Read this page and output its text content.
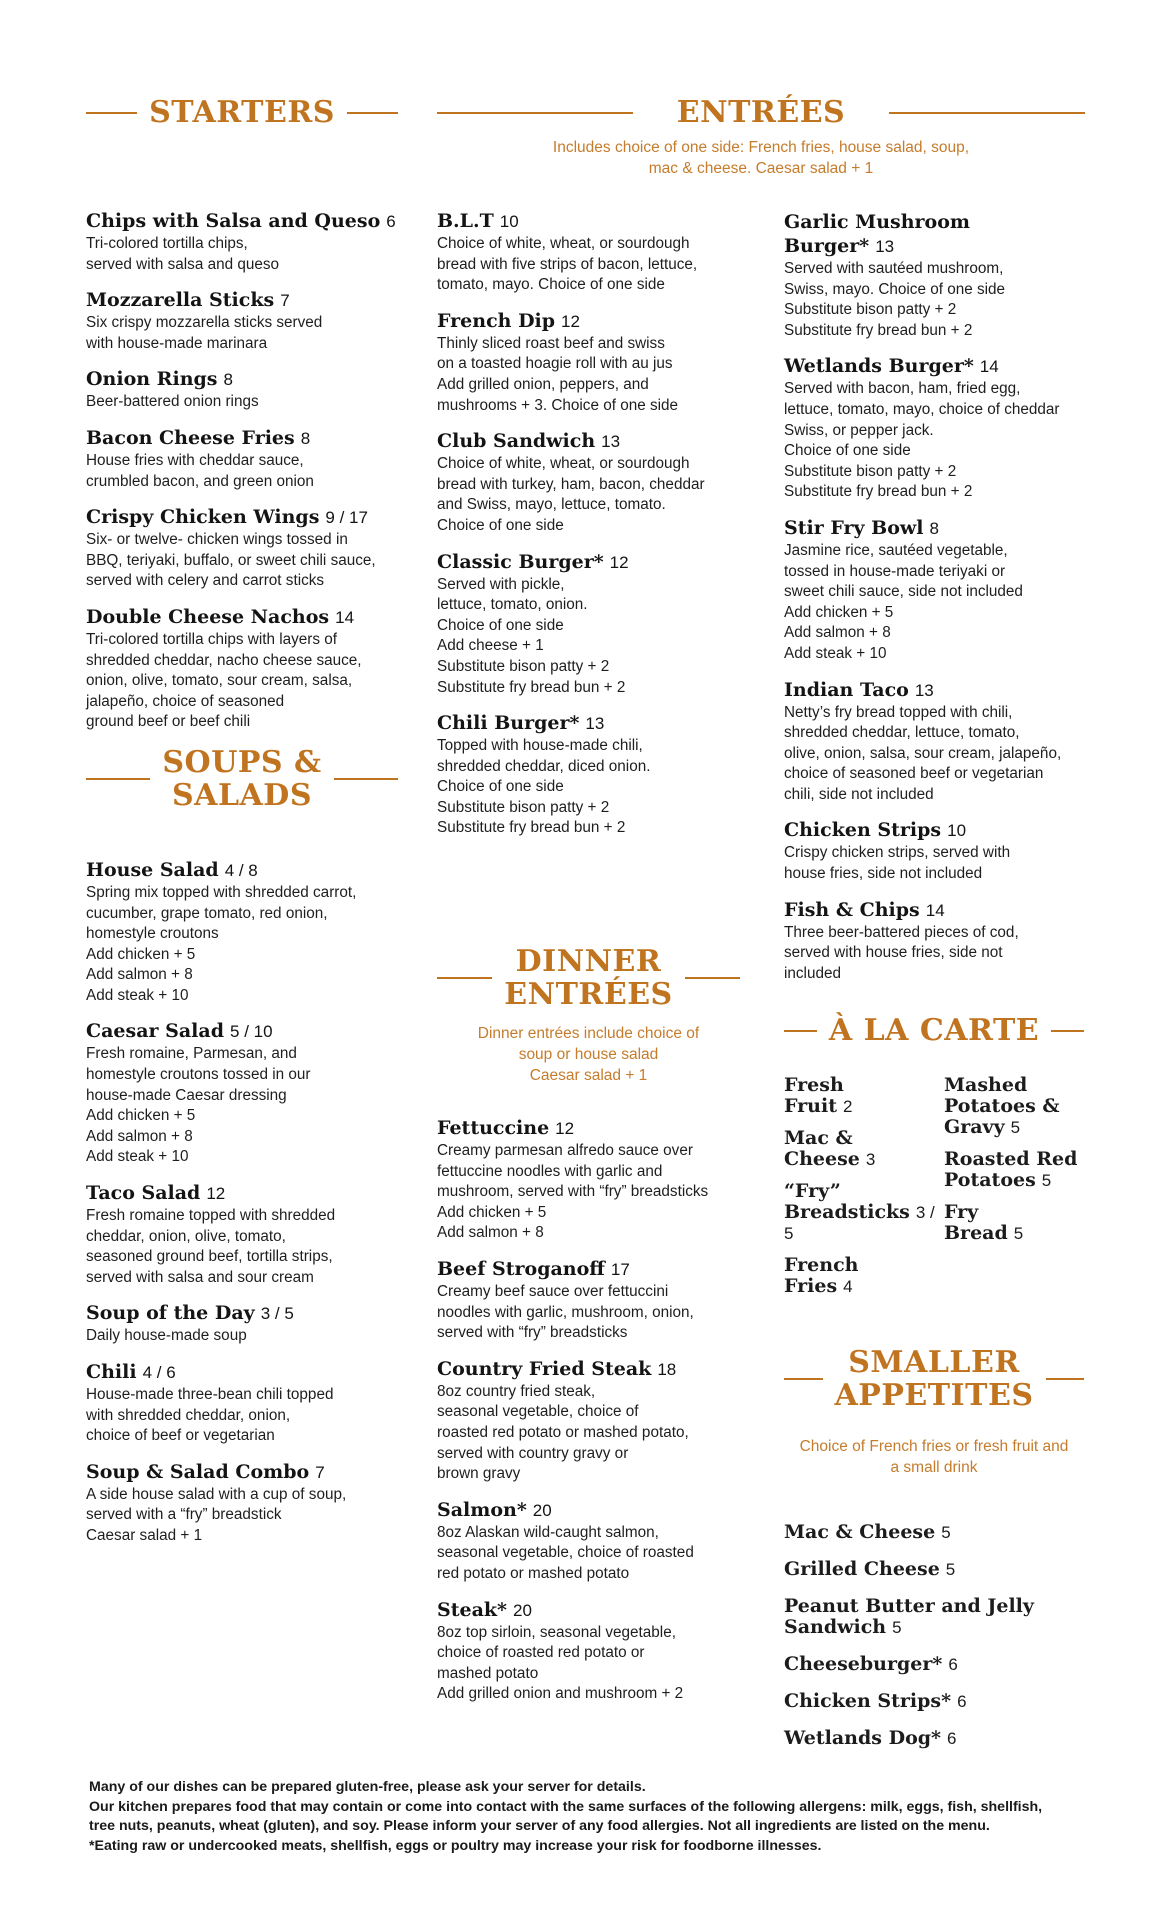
STARTERS
Chips with Salsa and Queso 6
Tri-colored tortilla chips,
served with salsa and queso
Mozzarella Sticks 7
Six crispy mozzarella sticks served
with house-made marinara
Onion Rings 8
Beer-battered onion rings
Bacon Cheese Fries 8
House fries with cheddar sauce,
crumbled bacon, and green onion
Crispy Chicken Wings 9 / 17
Six- or twelve- chicken wings tossed in
BBQ, teriyaki, buffalo, or sweet chili sauce,
served with celery and carrot sticks
Double Cheese Nachos 14
Tri-colored tortilla chips with layers of
shredded cheddar, nacho cheese sauce,
onion, olive, tomato, sour cream, salsa,
jalapeño, choice of seasoned
ground beef or beef chili
SOUPS &
SALADS
House Salad 4 / 8
Spring mix topped with shredded carrot,
cucumber, grape tomato, red onion,
homestyle croutons
Add chicken + 5
Add salmon + 8
Add steak + 10
Caesar Salad 5 / 10
Fresh romaine, Parmesan, and
homestyle croutons tossed in our
house-made Caesar dressing
Add chicken + 5
Add salmon + 8
Add steak + 10
Taco Salad 12
Fresh romaine topped with shredded
cheddar, onion, olive, tomato,
seasoned ground beef, tortilla strips,
served with salsa and sour cream
Soup of the Day 3 / 5
Daily house-made soup
Chili 4 / 6
House-made three-bean chili topped
with shredded cheddar, onion,
choice of beef or vegetarian
Soup & Salad Combo 7
A side house salad with a cup of soup,
served with a “fry” breadstick
Caesar salad + 1
ENTRÉES

Includes choice of one side: French fries, house salad, soup,
mac & cheese. Caesar salad + 1

B.L.T 10
Choice of white, wheat, or sourdough
bread with five strips of bacon, lettuce,
tomato, mayo. Choice of one side
French Dip 12
Thinly sliced roast beef and swiss
on a toasted hoagie roll with au jus
Add grilled onion, peppers, and
mushrooms + 3. Choice of one side
Club Sandwich 13
Choice of white, wheat, or sourdough
bread with turkey, ham, bacon, cheddar
and Swiss, mayo, lettuce, tomato.
Choice of one side
Classic Burger* 12
Served with pickle,
lettuce, tomato, onion.
Choice of one side
Add cheese + 1
Substitute bison patty + 2
Substitute fry bread bun + 2
Chili Burger* 13
Topped with house-made chili,
shredded cheddar, diced onion.
Choice of one side
Substitute bison patty + 2
Substitute fry bread bun + 2
DINNER
ENTRÉES

Dinner entrées include choice of
soup or house salad
Caesar salad + 1

Fettuccine 12
Creamy parmesan alfredo sauce over
fettuccine noodles with garlic and
mushroom, served with “fry” breadsticks
Add chicken + 5
Add salmon + 8
Beef Stroganoff 17
Creamy beef sauce over fettuccini
noodles with garlic, mushroom, onion,
served with “fry” breadsticks
Country Fried Steak 18
8oz country fried steak,
seasonal vegetable, choice of
roasted red potato or mashed potato,
served with country gravy or
brown gravy
Salmon* 20
8oz Alaskan wild-caught salmon,
seasonal vegetable, choice of roasted
red potato or mashed potato
Steak* 20
8oz top sirloin, seasonal vegetable,
choice of roasted red potato or
mashed potato
Add grilled onion and mushroom + 2
Garlic Mushroom Burger* 13
Served with sautéed mushroom,
Swiss, mayo. Choice of one side
Substitute bison patty + 2
Substitute fry bread bun + 2
Wetlands Burger* 14
Served with bacon, ham, fried egg,
lettuce, tomato, mayo, choice of cheddar
Swiss, or pepper jack.
Choice of one side
Substitute bison patty + 2
Substitute fry bread bun + 2
Stir Fry Bowl 8
Jasmine rice, sautéed vegetable,
tossed in house-made teriyaki or
sweet chili sauce, side not included
Add chicken + 5
Add salmon + 8
Add steak + 10
Indian Taco 13
Netty’s fry bread topped with chili,
shredded cheddar, lettuce, tomato,
olive, onion, salsa, sour cream, jalapeño,
choice of seasoned beef or vegetarian
chili, side not included
Chicken Strips 10
Crispy chicken strips, served with
house fries, side not included
Fish & Chips 14
Three beer-battered pieces of cod,
served with house fries, side not
included
À LA CARTE
Fresh
Fruit 2
Mac &
Cheese 3
“Fry”
Breadsticks 3 / 5
French
Fries 4
Mashed
Potatoes &
Gravy 5
Roasted Red
Potatoes 5
Fry
Bread 5
SMALLER
APPETITES

Choice of French fries or fresh fruit and
a small drink

Mac & Cheese 5
Grilled Cheese 5
Peanut Butter and Jelly
Sandwich 5
Cheeseburger* 6
Chicken Strips* 6
Wetlands Dog* 6

Many of our dishes can be prepared gluten-free, please ask your server for details.

Our kitchen prepares food that may contain or come into contact with the same surfaces of the following allergens: milk, eggs, fish, shellfish,

tree nuts, peanuts, wheat (gluten), and soy. Please inform your server of any food allergies. Not all ingredients are listed on the menu.

*Eating raw or undercooked meats, shellfish, eggs or poultry may increase your risk for foodborne illnesses.
